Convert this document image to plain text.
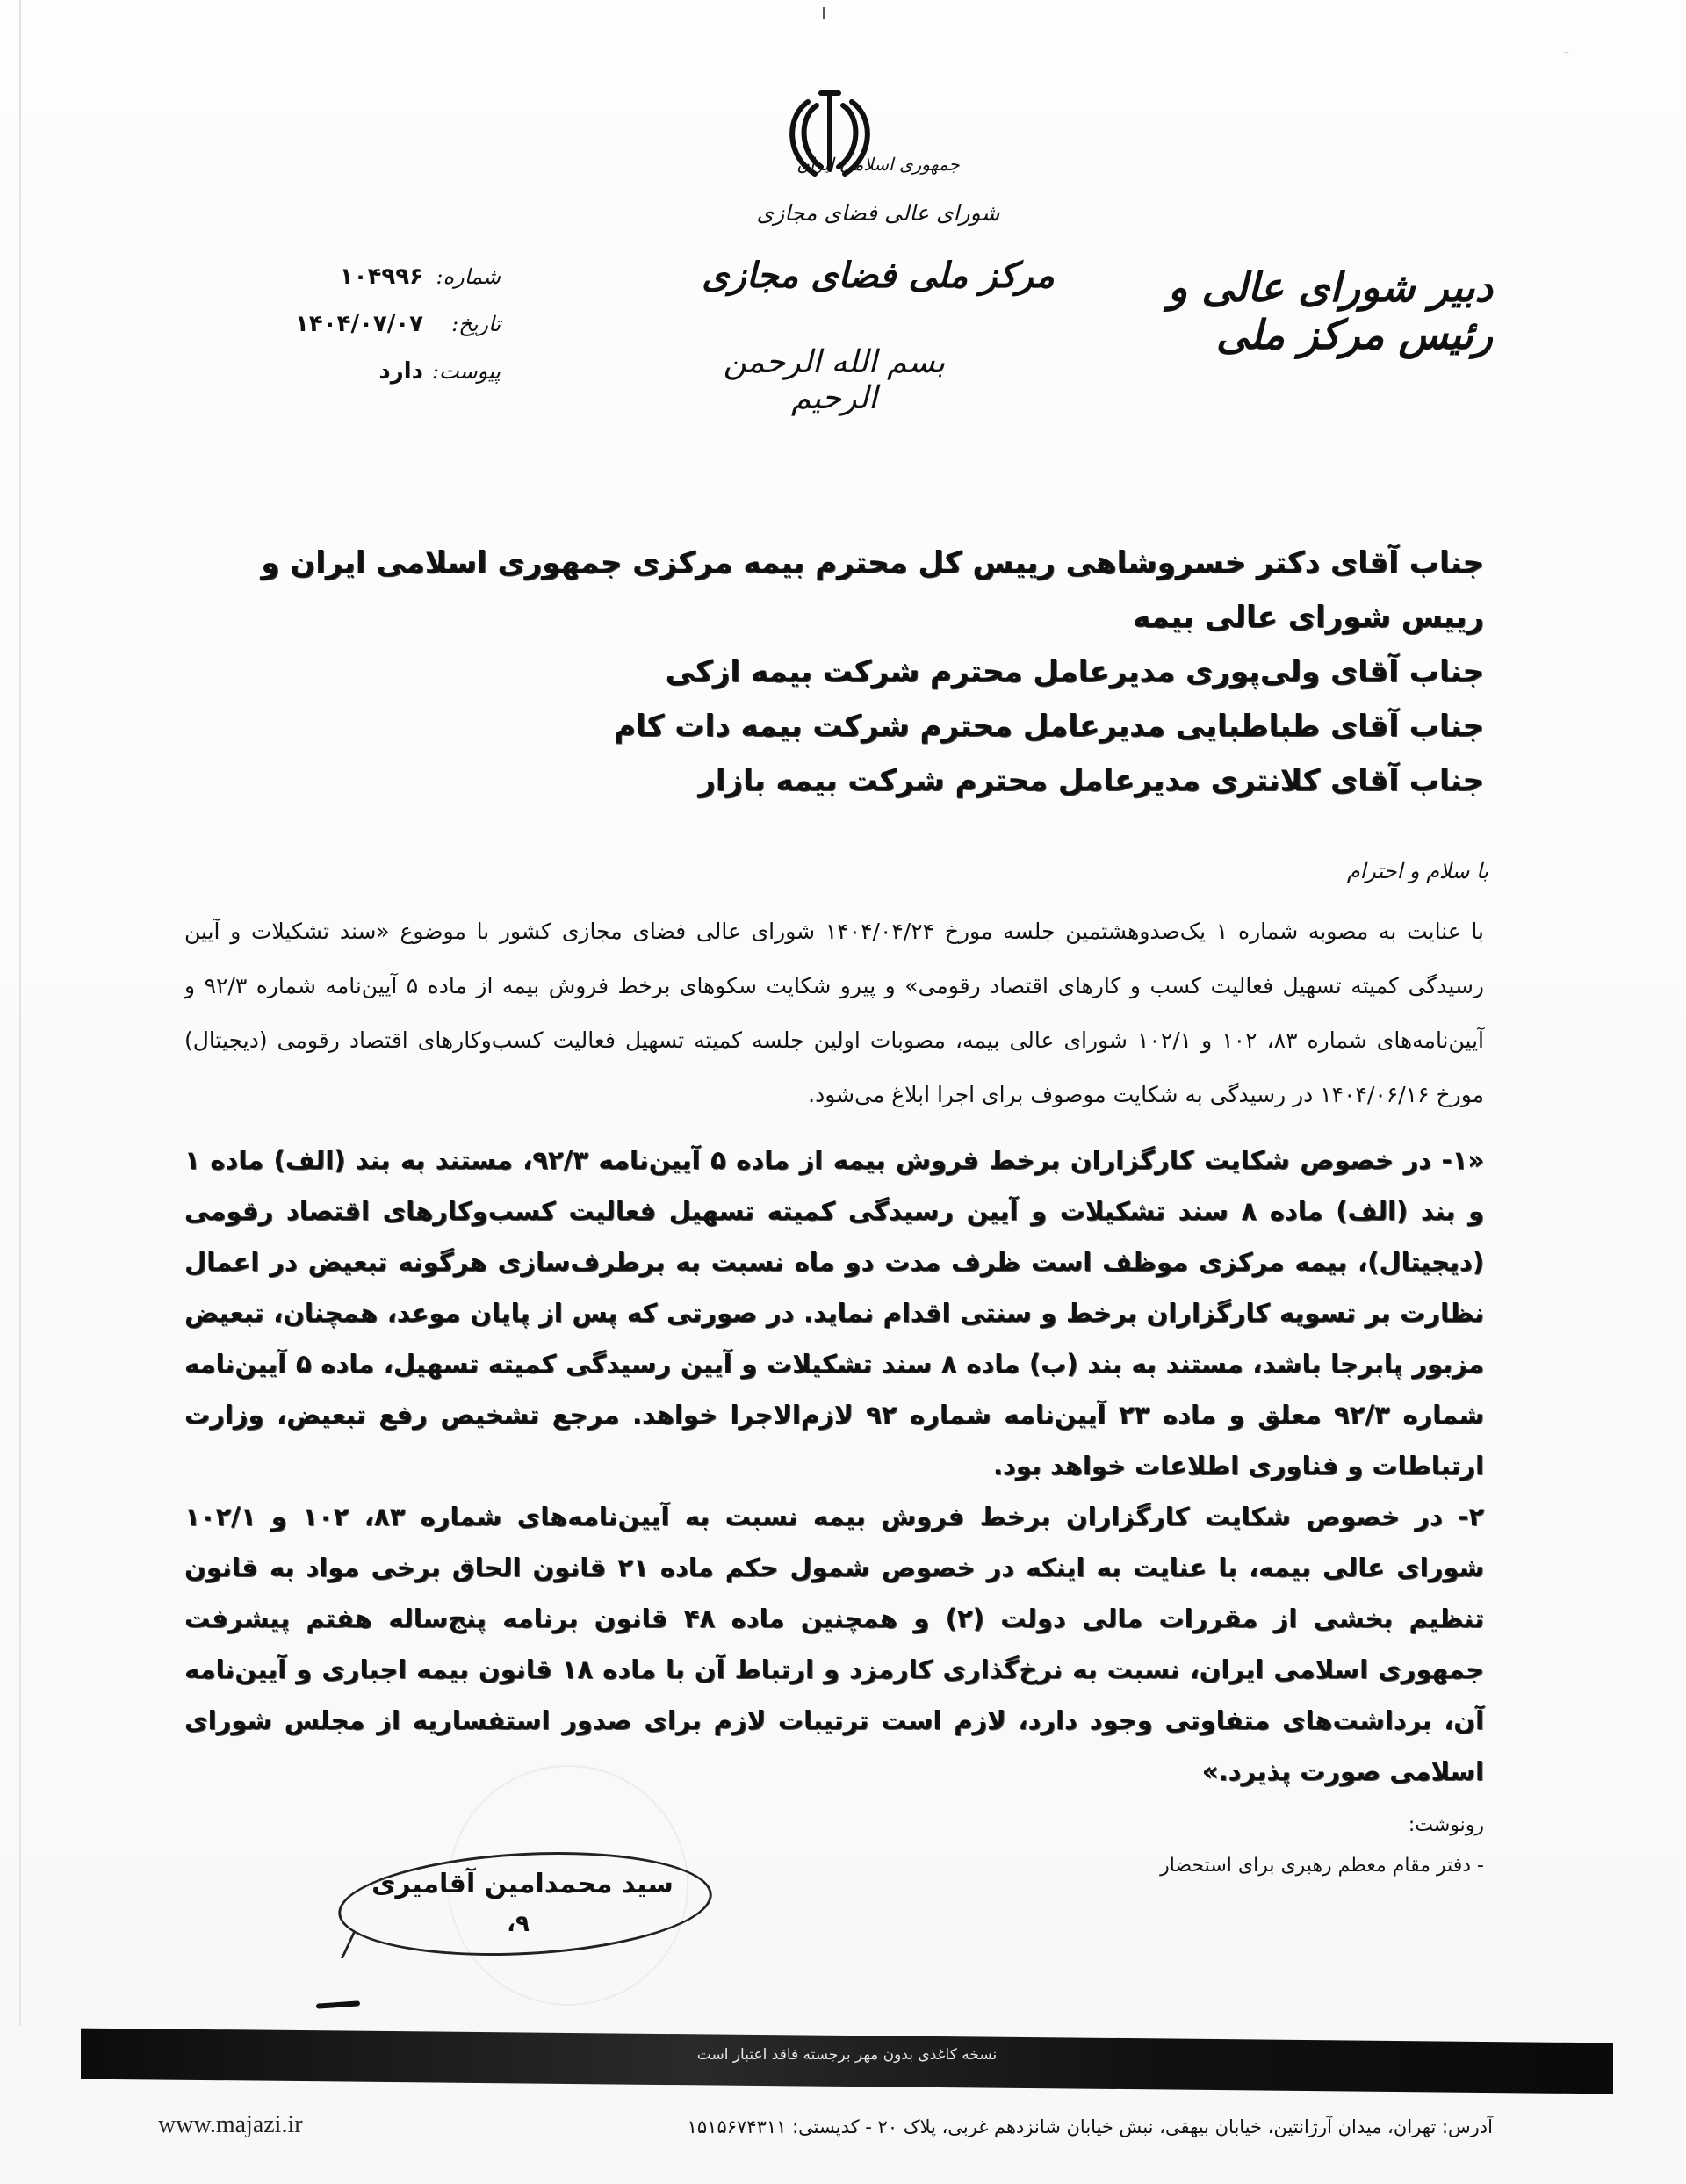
⁻
جمهوری اسلامی ایران
شورای عالی فضای مجازی
مرکز ملی فضای مجازی
بسم الله الرحمن الرحیم
دبیر شورای عالی و رئیس مرکز ملی
شماره:
۱۰۴۹۹۶
تاریخ:
۱۴۰۴/۰۷/۰۷
پیوست:
دارد
جناب آقای دکتر خسروشاهی رییس کل محترم بیمه مرکزی جمهوری اسلامی ایران و رییس شورای عالی بیمه
جناب آقای ولی‌پوری مدیرعامل محترم شرکت بیمه ازکی
جناب آقای طباطبایی مدیرعامل محترم شرکت بیمه دات کام
جناب آقای کلانتری مدیرعامل محترم شرکت بیمه بازار
با سلام و احترام
با عنایت به مصوبه شماره ۱ یک‌صدوهشتمین جلسه مورخ ۱۴۰۴/۰۴/۲۴ شورای عالی فضای مجازی کشور با موضوع «سند تشکیلات و آیین رسیدگی کمیته تسهیل فعالیت کسب و کارهای اقتصاد رقومی» و پیرو شکایت سکوهای برخط فروش بیمه از ماده ۵ آیین‌نامه شماره ۹۲/۳ و آیین‌نامه‌های شماره ۸۳، ۱۰۲ و ۱۰۲/۱ شورای عالی بیمه، مصوبات اولین جلسه کمیته تسهیل فعالیت کسب‌وکارهای اقتصاد رقومی (دیجیتال) مورخ ۱۴۰۴/۰۶/۱۶ در رسیدگی به شکایت موصوف برای اجرا ابلاغ می‌شود.

«۱- در خصوص شکایت کارگزاران برخط فروش بیمه از ماده ۵ آیین‌نامه ۹۲/۳، مستند به بند (الف) ماده ۱ و بند (الف) ماده ۸ سند تشکیلات و آیین رسیدگی کمیته تسهیل فعالیت کسب‌وکارهای اقتصاد رقومی (دیجیتال)، بیمه مرکزی موظف است ظرف مدت دو ماه نسبت به برطرف‌سازی هرگونه تبعیض در اعمال نظارت بر تسویه کارگزاران برخط و سنتی اقدام نماید. در صورتی که پس از پایان موعد، همچنان، تبعیض مزبور پابرجا باشد، مستند به بند (ب) ماده ۸ سند تشکیلات و آیین رسیدگی کمیته تسهیل، ماده ۵ آیین‌نامه شماره ۹۲/۳ معلق و ماده ۲۳ آیین‌نامه شماره ۹۲ لازم‌الاجرا خواهد. مرجع تشخیص رفع تبعیض، وزارت ارتباطات و فناوری اطلاعات خواهد بود.

۲- در خصوص شکایت کارگزاران برخط فروش بیمه نسبت به آیین‌نامه‌های شماره ۸۳، ۱۰۲ و ۱۰۲/۱ شورای عالی بیمه، با عنایت به اینکه در خصوص شمول حکم ماده ۲۱ قانون الحاق برخی مواد به قانون تنظیم بخشی از مقررات مالی دولت (۲) و همچنین ماده ۴۸ قانون برنامه پنج‌ساله هفتم پیشرفت جمهوری اسلامی ایران، نسبت به نرخ‌گذاری کارمزد و ارتباط آن با ماده ۱۸ قانون بیمه اجباری و آیین‌نامه آن، برداشت‌های متفاوتی وجود دارد، لازم است ترتیبات لازم برای صدور استفساریه از مجلس شورای اسلامی صورت پذیرد.»

رونوشت:
- دفتر مقام معظم رهبری برای استحضار
سید محمدامین آقامیری
۹،
نسخه کاغذی بدون مهر برجسته فاقد اعتبار است
www.majazi.ir	آدرس: تهران، میدان آرژانتین، خیابان بیهقی، نبش خیابان شانزدهم غربی، پلاک ۲۰ - کدپستی: ۱۵۱۵۶۷۴۳۱۱
